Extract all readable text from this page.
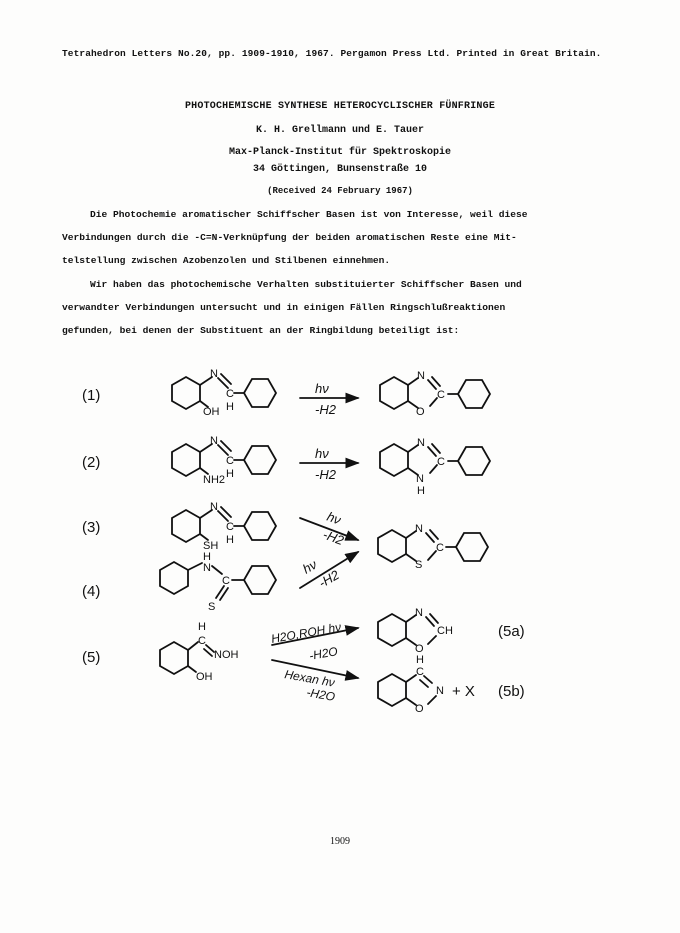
Tetrahedron Letters No.20, pp. 1909-1910, 1967. Pergamon Press Ltd. Printed in Great Britain.
PHOTOCHEMISCHE SYNTHESE HETEROCYCLISCHER FÜNFRINGE
K. H. Grellmann und E. Tauer
Max-Planck-Institut für Spektroskopie
34 Göttingen, Bunsenstraße 10
(Received 24 February 1967)
Die Photochemie aromatischer Schiffscher Basen ist von Interesse, weil diese
Verbindungen durch die -C=N-Verknüpfung der beiden aromatischen Reste eine Mit-
telstellung zwischen Azobenzolen und Stilbenen einnehmen.
Wir haben das photochemische Verhalten substituierter Schiffscher Basen und
verwandter Verbindungen untersucht und in einigen Fällen Ringschlußreaktionen
gefunden, bei denen der Substituent an der Ringbildung beteiligt ist:
(1)
(2)
(3)
(4)
(5)
N
C
H
OH
N
C
O
N
C
H
NH2
N
C
N
H
N
C
H
SH
H
N
C
S
N
C
S
H
C
NOH
OH
N
CH
O
H
C
N
O
hν
-H2
hν
-H2
hν
-H2
hν
-H2
H2O,ROH hν
-H2O
Hexan hν
-H2O
(5a)
+ X (5b)
1909
